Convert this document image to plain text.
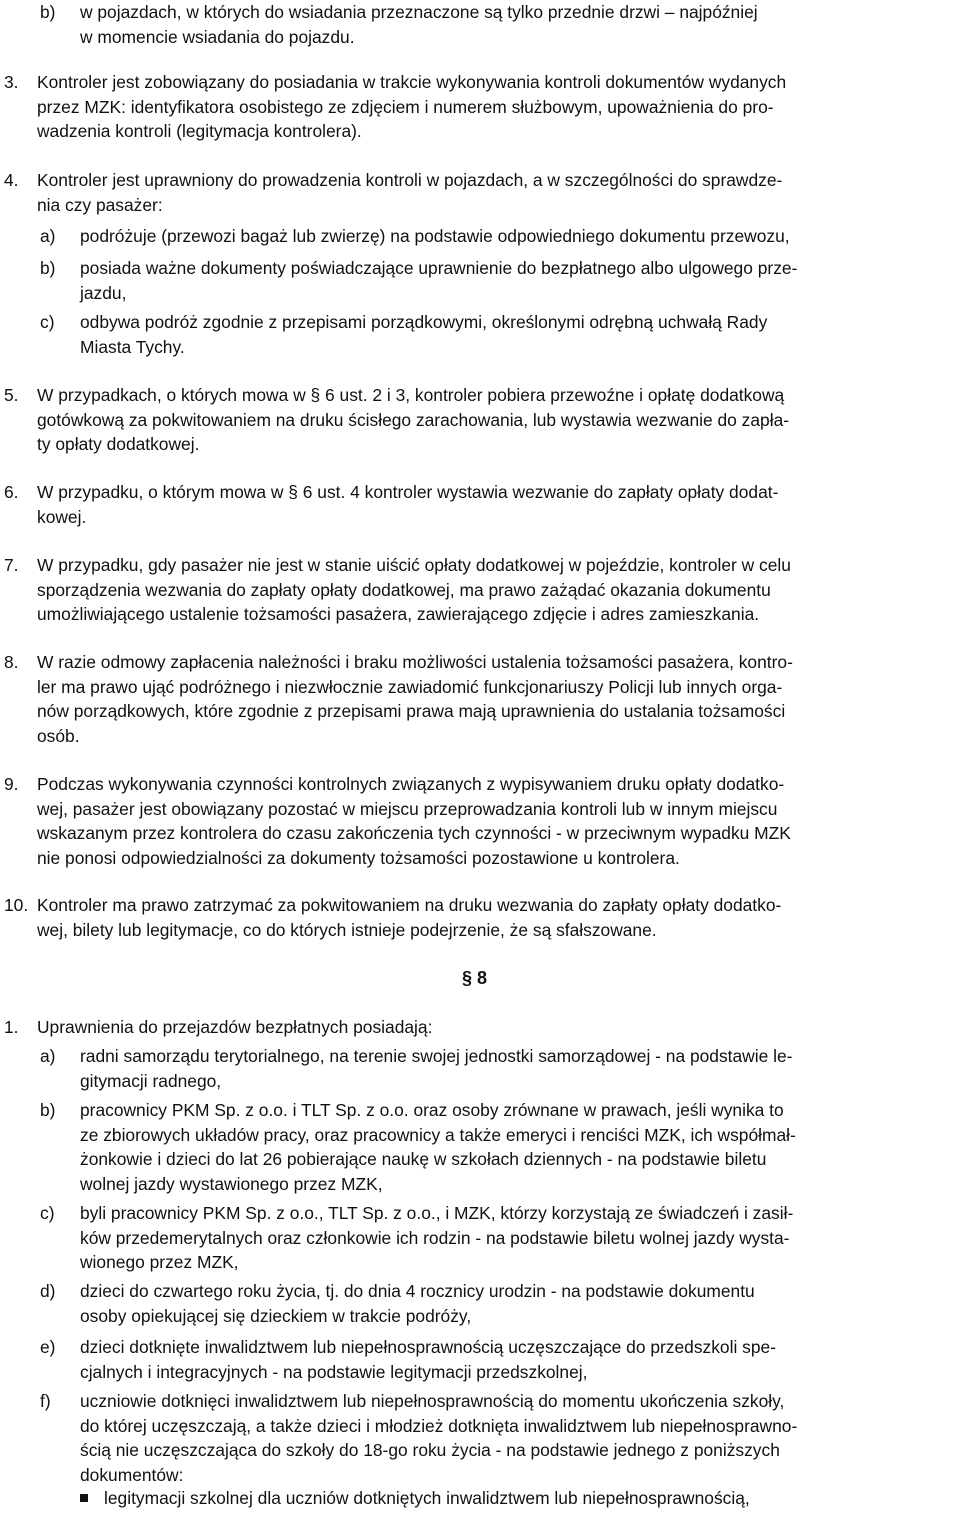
b) w pojazdach, w których do wsiadania przeznaczone są tylko przednie drzwi – najpóźniej
w momencie wsiadania do pojazdu.
3. Kontroler jest zobowiązany do posiadania w trakcie wykonywania kontroli dokumentów wydanych
przez MZK: identyfikatora osobistego ze zdjęciem i numerem służbowym, upoważnienia do pro-
wadzenia kontroli (legitymacja kontrolera).
4. Kontroler jest uprawniony do prowadzenia kontroli w pojazdach, a w szczególności do sprawdze-
nia czy pasażer:
a) podróżuje (przewozi bagaż lub zwierzę) na podstawie odpowiedniego dokumentu przewozu,
b) posiada ważne dokumenty poświadczające uprawnienie do bezpłatnego albo ulgowego prze-
jazdu,
c) odbywa podróż zgodnie z przepisami porządkowymi, określonymi odrębną uchwałą Rady
Miasta Tychy.
5. W przypadkach, o których mowa w § 6 ust. 2 i 3, kontroler pobiera przewoźne i opłatę dodatkową
gotówkową za pokwitowaniem na druku ścisłego zarachowania, lub wystawia wezwanie do zapła-
ty opłaty dodatkowej.
6. W przypadku, o którym mowa w § 6 ust. 4 kontroler wystawia wezwanie do zapłaty opłaty dodat-
kowej.
7. W przypadku, gdy pasażer nie jest w stanie uiścić opłaty dodatkowej w pojeździe, kontroler w celu
sporządzenia wezwania do zapłaty opłaty dodatkowej, ma prawo zażądać okazania dokumentu
umożliwiającego ustalenie tożsamości pasażera, zawierającego zdjęcie i adres zamieszkania.
8. W razie odmowy zapłacenia należności i braku możliwości ustalenia tożsamości pasażera, kontro-
ler ma prawo ująć podróżnego i niezwłocznie zawiadomić funkcjonariuszy Policji lub innych orga-
nów porządkowych, które zgodnie z przepisami prawa mają uprawnienia do ustalania tożsamości
osób.
9. Podczas wykonywania czynności kontrolnych związanych z wypisywaniem druku opłaty dodatko-
wej, pasażer jest obowiązany pozostać w miejscu przeprowadzania kontroli lub w innym miejscu
wskazanym przez kontrolera do czasu zakończenia tych czynności - w przeciwnym wypadku MZK
nie ponosi odpowiedzialności za dokumenty tożsamości pozostawione u kontrolera.
10. Kontroler ma prawo zatrzymać za pokwitowaniem na druku wezwania do zapłaty opłaty dodatko-
wej, bilety lub legitymacje, co do których istnieje podejrzenie, że są sfałszowane.
§ 8
1. Uprawnienia do przejazdów bezpłatnych posiadają:
a) radni samorządu terytorialnego, na terenie swojej jednostki samorządowej - na podstawie le-
gitymacji radnego,
b) pracownicy PKM Sp. z o.o. i TLT Sp. z o.o. oraz osoby zrównane w prawach, jeśli wynika to
ze zbiorowych układów pracy, oraz pracownicy a także emeryci i renciści MZK, ich współmał-
żonkowie i dzieci do lat 26 pobierające naukę w szkołach dziennych - na podstawie biletu
wolnej jazdy wystawionego przez MZK,
c) byli pracownicy PKM Sp. z o.o., TLT Sp. z o.o., i MZK, którzy korzystają ze świadczeń i zasił-
ków przedemerytalnych oraz członkowie ich rodzin - na podstawie biletu wolnej jazdy wysta-
wionego przez MZK,
d) dzieci do czwartego roku życia, tj. do dnia 4 rocznicy urodzin - na podstawie dokumentu
osoby opiekującej się dzieckiem w trakcie podróży,
e) dzieci dotknięte inwalidztwem lub niepełnosprawnością uczęszczające do przedszkoli spe-
cjalnych i integracyjnych - na podstawie legitymacji przedszkolnej,
f) uczniowie dotknięci inwalidztwem lub niepełnosprawnością do momentu ukończenia szkoły,
do której uczęszczają, a także dzieci i młodzież dotknięta inwalidztwem lub niepełnosprawno-
ścią nie uczęszczająca do szkoły do 18-go roku życia - na podstawie jednego z poniższych
dokumentów:
legitymacji szkolnej dla uczniów dotkniętych inwalidztwem lub niepełnosprawnością,
